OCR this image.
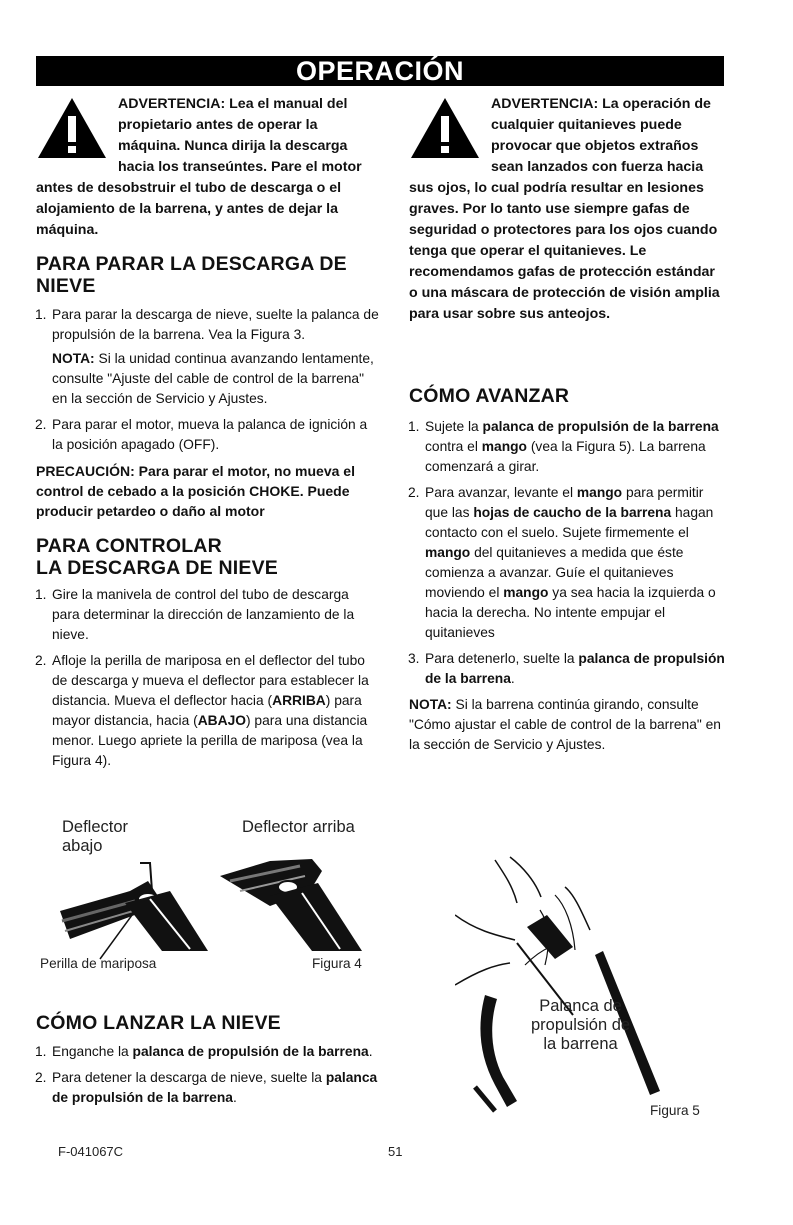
OPERACIÓN

ADVERTENCIA: Lea el manual del propietario antes de operar la máquina. Nunca dirija la descarga hacia los transeúntes. Pare el motor antes de desobstruir el tubo de descarga o el alojamiento de la barrena, y antes de dejar la máquina.

PARA PARAR LA DESCARGA DE
NIEVE
1. Para parar la descarga de nieve, suelte la palanca de propulsión de la barrena. Vea la Figura 3.

NOTA: Si la unidad continua avanzando lentamente, consulte "Ajuste del cable de control de la barrena" en la sección de Servicio y Ajustes.

2. Para parar el motor, mueva la palanca de ignición a la posición apagado (OFF).

PRECAUCIÓN: Para parar el motor, no mueva el control de cebado a la posición CHOKE. Puede producir petardeo o daño al motor

PARA CONTROLAR
LA DESCARGA DE NIEVE
1. Gire la manivela de control del tubo de descarga para determinar la dirección de lanzamiento de la nieve.
2. Afloje la perilla de mariposa en el deflector del tubo de descarga y mueva el deflector para establecer la distancia. Mueva el deflector hacia (ARRIBA) para mayor distancia, hacia (ABAJO) para una distancia menor. Luego apriete la perilla de mariposa (vea la Figura 4).
Deflector
abajo
Deflector arriba
Perilla de mariposa	Figura 4
CÓMO LANZAR LA NIEVE
1. Enganche la palanca de propulsión de la barrena.
2. Para detener la descarga de nieve, suelte la palanca de propulsión de la barrena.

ADVERTENCIA: La operación de cualquier quitanieves puede provocar que objetos extraños sean lanzados con fuerza hacia sus ojos, lo cual podría resultar en lesiones graves. Por lo tanto use siempre gafas de seguridad o protectores para los ojos cuando tenga que operar el quitanieves. Le recomendamos gafas de protección estándar o una máscara de protección de visión amplia para usar sobre sus anteojos.

CÓMO AVANZAR
1. Sujete la palanca de propulsión de la barrena contra el mango (vea la Figura 5). La barrena comenzará a girar.
2. Para avanzar, levante el mango para permitir que las hojas de caucho de la barrena hagan contacto con el suelo. Sujete firmemente el mango del quitanieves a medida que éste comienza a avanzar. Guíe el quitanieves moviendo el mango ya sea hacia la izquierda o hacia la derecha. No intente empujar el quitanieves
3. Para detenerlo, suelte la palanca de propulsión de la barrena.

NOTA: Si la barrena continúa girando, consulte "Cómo ajustar el cable de control de la barrena" en la sección de Servicio y Ajustes.

Palanca de
propulsión de
la barrena
Figura 5
F-041067C	51
